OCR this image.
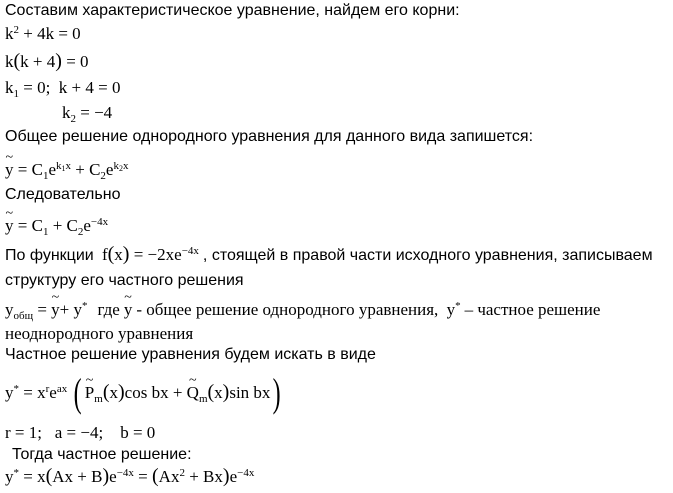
Составим характеристическое уравнение, найдем его корни:
$k^2 + 4k = 0$
k(k + 4) = 0
$k_1 = 0$;  k + 4 = 0
$k_2 = -4$
Общее решение однородного уравнения для данного вида запишется:
~ $y = C_1e^{k_1x} + C_2e^{k_2x}$
Следовательно
~ $y = C_1 + C_2e^{-4x}$
По функции  $f(x) = -2xe^{-4x}$ , стоящей в правой части исходного уравнения, записываем
структуру его частного решения
$y_{общ}$ = ~ y+ y* где ~ y - общее решение однородного уравнения,  y* – частное решение
неоднородного уравнения
Частное решение уравнения будем искать в виде
$y^* = x^re^{ax}$ ( ~ $P_m(x)\cos$ bx + ~ $Q_m(x)\sin$ bx)
r = 1; a = −4; b = 0
Тогда частное решение:
$y^* = x(Ax + B)e^{-4x} = (Ax^2 + Bx)e^{-4x}$
